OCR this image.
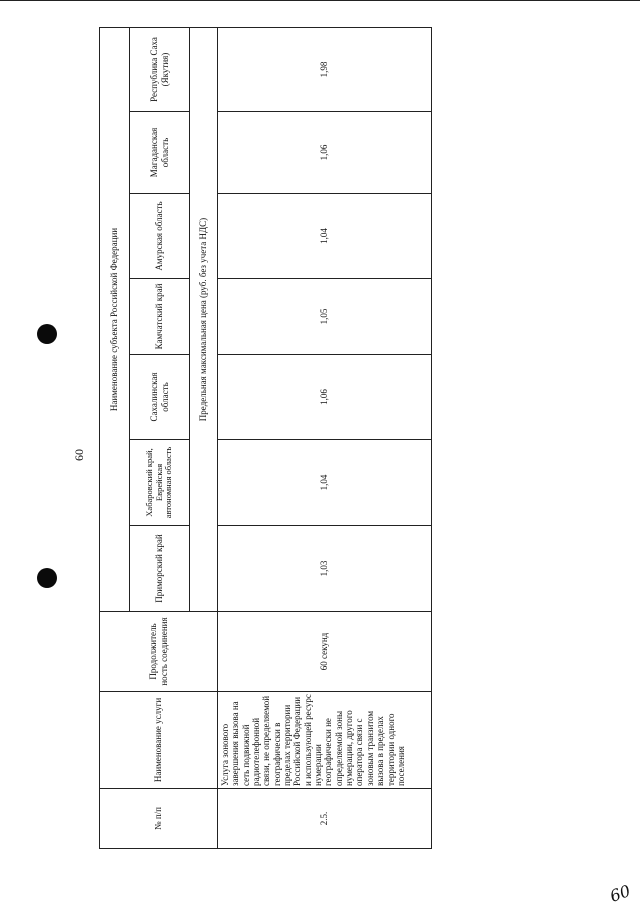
60
№ п/п	Наименование услуги	Продолжитель ность соединения	Наименование субъекта Российской Федерации						
			Приморский край	Хабаровский край, Еврейская автономная область	Сахалинская область	Камчатский край	Амурская область	Магаданская область	Республика Саха (Якутия)
			Предельная максимальная цена (руб. без учета НДС)						
2.5.	Услуга зонового завершения вызова на сеть подвижной радиотелефонной связи, не определяемой географически в пределах территории Российской Федерации и использующей ресурс нумерации географически не определяемой зоны нумерации, другого оператора связи с зоновым транзитом вызова в пределах территории одного поселения	60 секунд	1,03	1,04	1,06	1,05	1,04	1,06	1,98
60
